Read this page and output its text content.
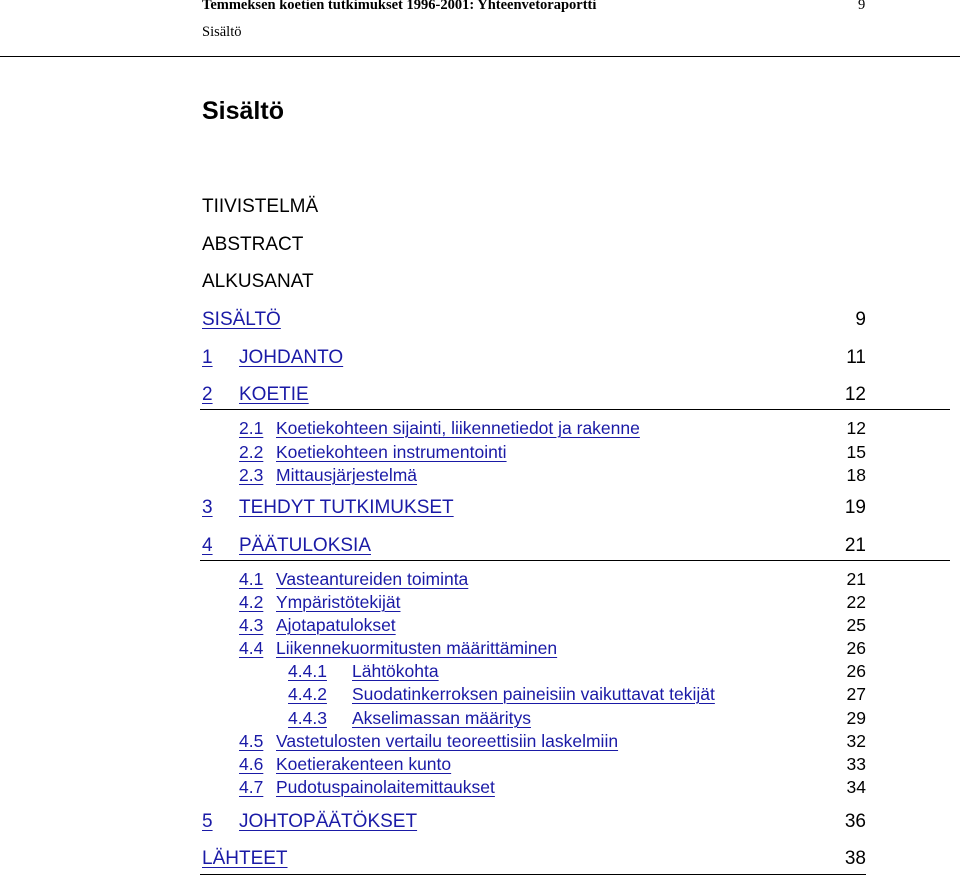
Temmeksen koetien tutkimukset 1996-2001: Yhteenvetoraportti	9
Sisältö
Sisältö
TIIVISTELMÄ
ABSTRACT
ALKUSANAT
SISÄLTÖ	9
1 JOHDANTO	11
2 KOETIE	12
2.1 Koetiekohteen sijainti, liikennetiedot ja rakenne	12
2.2 Koetiekohteen instrumentointi	15
2.3 Mittausjärjestelmä	18
3 TEHDYT TUTKIMUKSET	19
4 PÄÄTULOKSIA	21
4.1 Vasteantureiden toiminta	21
4.2 Ympäristötekijät	22
4.3 Ajotapatulokset	25
4.4 Liikennekuormitusten määrittäminen	26
4.4.1 Lähtökohta	26
4.4.2 Suodatinkerroksen paineisiin vaikuttavat tekijät	27
4.4.3 Akselimassan määritys	29
4.5 Vastetulosten vertailu teoreettisiin laskelmiin	32
4.6 Koetierakenteen kunto	33
4.7 Pudotuspainolaitemittaukset	34
5 JOHTOPÄÄTÖKSET	36
LÄHTEET	38
